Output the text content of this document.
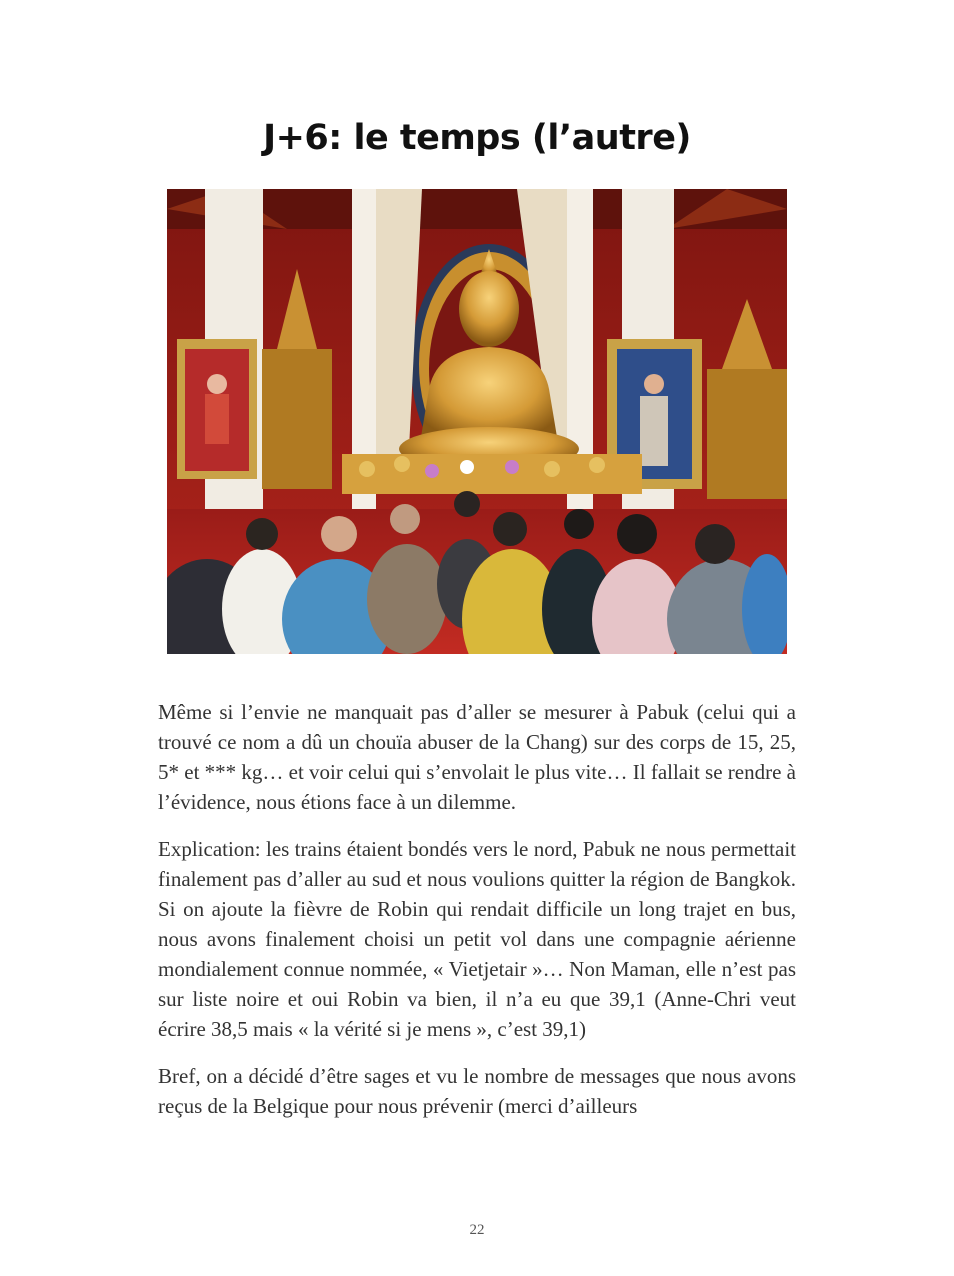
J+6: le temps (l’autre)

Même si l’envie ne manquait pas d’aller se mesurer à Pabuk (celui qui a trouvé ce nom a dû un chouïa abuser de la Chang) sur des corps de 15, 25, 5* et *** kg… et voir celui qui s’envolait le plus vite… Il fallait se rendre à l’évidence, nous étions face à un dilemme.

Explication: les trains étaient bondés vers le nord, Pabuk ne nous permettait finalement pas d’aller au sud et nous voulions quitter la région de Bangkok. Si on ajoute la fièvre de Robin qui rendait difficile un long trajet en bus, nous avons finalement choisi un petit vol dans une compagnie aérienne mondialement connue nommée, « Vietjetair »… Non Maman, elle n’est pas sur liste noire et oui Robin va bien, il n’a eu que 39,1 (Anne-Chri veut écrire 38,5 mais « la vérité si je mens », c’est 39,1)

Bref, on a décidé d’être sages et vu le nombre de messages que nous avons reçus de la Belgique pour nous prévenir (merci d’ailleurs

22
